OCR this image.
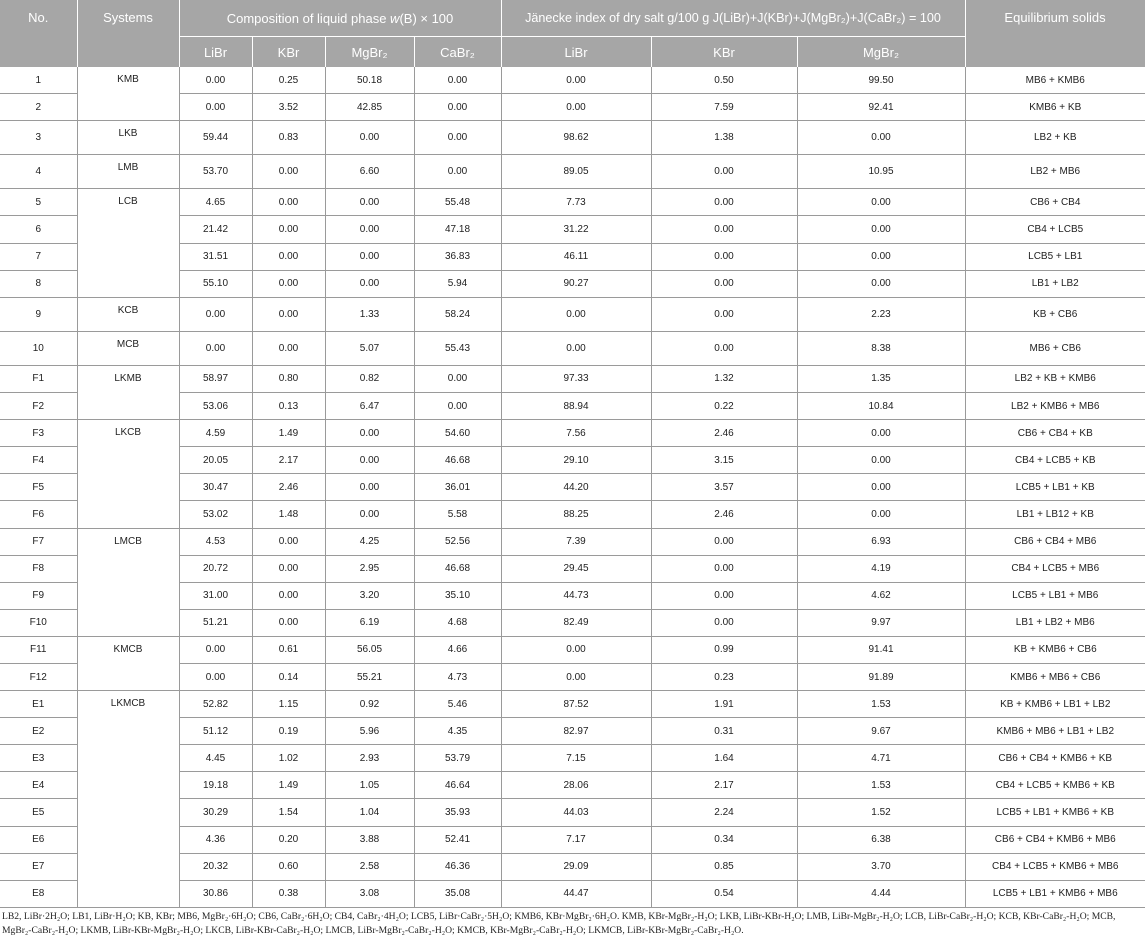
No.	Systems	Composition of liquid phase w(B) × 100				Jänecke index of dry salt g/100 g J(LiBr)+J(KBr)+J(MgBr₂)+J(CaBr₂) = 100			Equilibrium solids
		LiBr	KBr	MgBr₂	CaBr₂	LiBr	KBr	MgBr₂	
1	KMB	0.00	0.25	50.18	0.00	0.00	0.50	99.50	MB6 + KMB6
2		0.00	3.52	42.85	0.00	0.00	7.59	92.41	KMB6 + KB
3	LKB	59.44	0.83	0.00	0.00	98.62	1.38	0.00	LB2 + KB
4	LMB	53.70	0.00	6.60	0.00	89.05	0.00	10.95	LB2 + MB6
5	LCB	4.65	0.00	0.00	55.48	7.73	0.00	0.00	CB6 + CB4
6		21.42	0.00	0.00	47.18	31.22	0.00	0.00	CB4 + LCB5
7		31.51	0.00	0.00	36.83	46.11	0.00	0.00	LCB5 + LB1
8		55.10	0.00	0.00	5.94	90.27	0.00	0.00	LB1 + LB2
9	KCB	0.00	0.00	1.33	58.24	0.00	0.00	2.23	KB + CB6
10	MCB	0.00	0.00	5.07	55.43	0.00	0.00	8.38	MB6 + CB6
F1	LKMB	58.97	0.80	0.82	0.00	97.33	1.32	1.35	LB2 + KB + KMB6
F2		53.06	0.13	6.47	0.00	88.94	0.22	10.84	LB2 + KMB6 + MB6
F3	LKCB	4.59	1.49	0.00	54.60	7.56	2.46	0.00	CB6 + CB4 + KB
F4		20.05	2.17	0.00	46.68	29.10	3.15	0.00	CB4 + LCB5 + KB
F5		30.47	2.46	0.00	36.01	44.20	3.57	0.00	LCB5 + LB1 + KB
F6		53.02	1.48	0.00	5.58	88.25	2.46	0.00	LB1 + LB12 + KB
F7	LMCB	4.53	0.00	4.25	52.56	7.39	0.00	6.93	CB6 + CB4 + MB6
F8		20.72	0.00	2.95	46.68	29.45	0.00	4.19	CB4 + LCB5 + MB6
F9		31.00	0.00	3.20	35.10	44.73	0.00	4.62	LCB5 + LB1 + MB6
F10		51.21	0.00	6.19	4.68	82.49	0.00	9.97	LB1 + LB2 + MB6
F11	KMCB	0.00	0.61	56.05	4.66	0.00	0.99	91.41	KB + KMB6 + CB6
F12		0.00	0.14	55.21	4.73	0.00	0.23	91.89	KMB6 + MB6 + CB6
E1	LKMCB	52.82	1.15	0.92	5.46	87.52	1.91	1.53	KB + KMB6 + LB1 + LB2
E2		51.12	0.19	5.96	4.35	82.97	0.31	9.67	KMB6 + MB6 + LB1 + LB2
E3		4.45	1.02	2.93	53.79	7.15	1.64	4.71	CB6 + CB4 + KMB6 + KB
E4		19.18	1.49	1.05	46.64	28.06	2.17	1.53	CB4 + LCB5 + KMB6 + KB
E5		30.29	1.54	1.04	35.93	44.03	2.24	1.52	LCB5 + LB1 + KMB6 + KB
E6		4.36	0.20	3.88	52.41	7.17	0.34	6.38	CB6 + CB4 + KMB6 + MB6
E7		20.32	0.60	2.58	46.36	29.09	0.85	3.70	CB4 + LCB5 + KMB6 + MB6
E8		30.86	0.38	3.08	35.08	44.47	0.54	4.44	LCB5 + LB1 + KMB6 + MB6
LB2, LiBr·2H₂O; LB1, LiBr·H₂O; KB, KBr; MB6, MgBr₂·6H₂O; CB6, CaBr₂·6H₂O; CB4, CaBr₂·4H₂O; LCB5, LiBr·CaBr₂·5H₂O; KMB6, KBr·MgBr₂·6H₂O. KMB, KBr-MgBr₂-H₂O; LKB, LiBr-KBr-H₂O; LMB, LiBr-MgBr₂-H₂O; LCB, LiBr-CaBr₂-H₂O; KCB, KBr-CaBr₂-H₂O; MCB, MgBr₂-CaBr₂-H₂O; LKMB, LiBr-KBr-MgBr₂-H₂O; LKCB, LiBr-KBr-CaBr₂-H₂O; LMCB, LiBr-MgBr₂-CaBr₂-H₂O; KMCB, KBr-MgBr₂-CaBr₂-H₂O; LKMCB, LiBr-KBr-MgBr₂-CaBr₂-H₂O.
